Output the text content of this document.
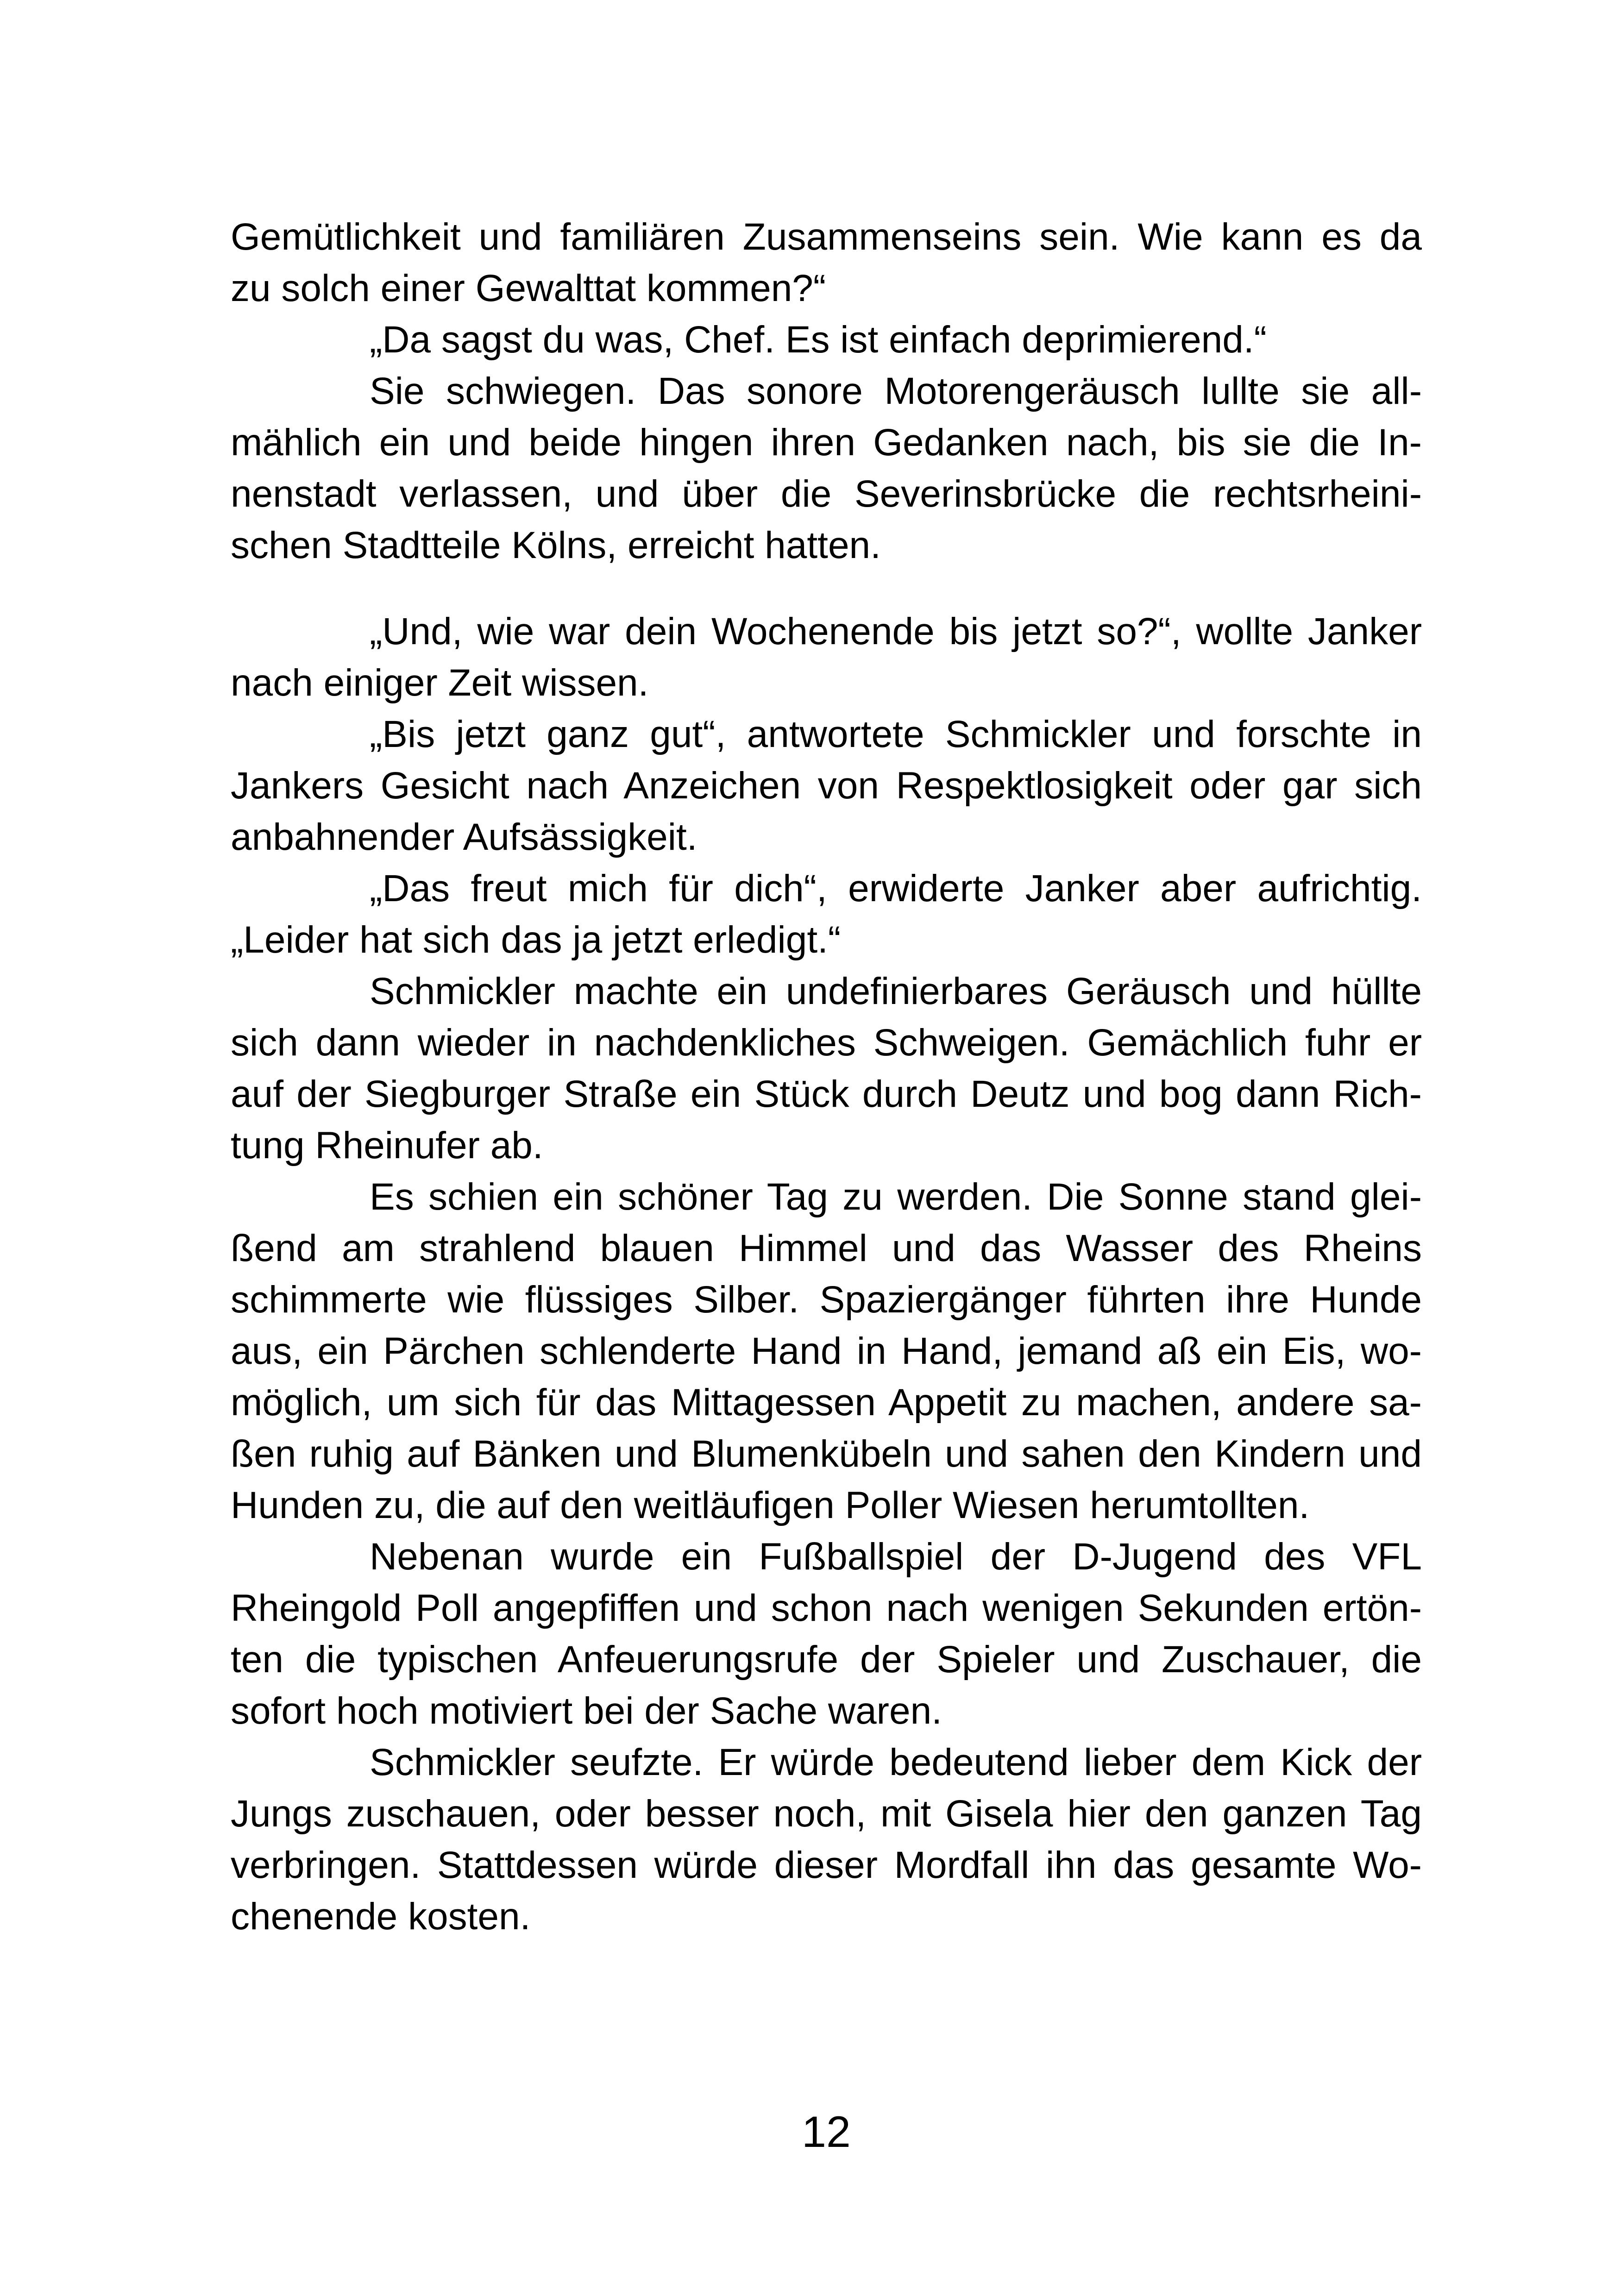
Gemütlichkeit und familiären Zusammenseins sein. Wie kann es da
zu solch einer Gewalttat kommen?“
„Da sagst du was, Chef. Es ist einfach deprimierend.“
Sie schwiegen. Das sonore Motorengeräusch lullte sie all-
mählich ein und beide hingen ihren Gedanken nach, bis sie die In-
nenstadt verlassen, und über die Severinsbrücke die rechtsrheini-
schen Stadtteile Kölns, erreicht hatten.
„Und, wie war dein Wochenende bis jetzt so?“, wollte Janker
nach einiger Zeit wissen.
„Bis jetzt ganz gut“, antwortete Schmickler und forschte in
Jankers Gesicht nach Anzeichen von Respektlosigkeit oder gar sich
anbahnender Aufsässigkeit.
„Das freut mich für dich“, erwiderte Janker aber aufrichtig.
„Leider hat sich das ja jetzt erledigt.“
Schmickler machte ein undefinierbares Geräusch und hüllte
sich dann wieder in nachdenkliches Schweigen. Gemächlich fuhr er
auf der Siegburger Straße ein Stück durch Deutz und bog dann Rich-
tung Rheinufer ab.
Es schien ein schöner Tag zu werden. Die Sonne stand glei-
ßend am strahlend blauen Himmel und das Wasser des Rheins
schimmerte wie flüssiges Silber. Spaziergänger führten ihre Hunde
aus, ein Pärchen schlenderte Hand in Hand, jemand aß ein Eis, wo-
möglich, um sich für das Mittagessen Appetit zu machen, andere sa-
ßen ruhig auf Bänken und Blumenkübeln und sahen den Kindern und
Hunden zu, die auf den weitläufigen Poller Wiesen herumtollten.
Nebenan wurde ein Fußballspiel der D-Jugend des VFL
Rheingold Poll angepfiffen und schon nach wenigen Sekunden ertön-
ten die typischen Anfeuerungsrufe der Spieler und Zuschauer, die
sofort hoch motiviert bei der Sache waren.
Schmickler seufzte. Er würde bedeutend lieber dem Kick der
Jungs zuschauen, oder besser noch, mit Gisela hier den ganzen Tag
verbringen. Stattdessen würde dieser Mordfall ihn das gesamte Wo-
chenende kosten.
12
